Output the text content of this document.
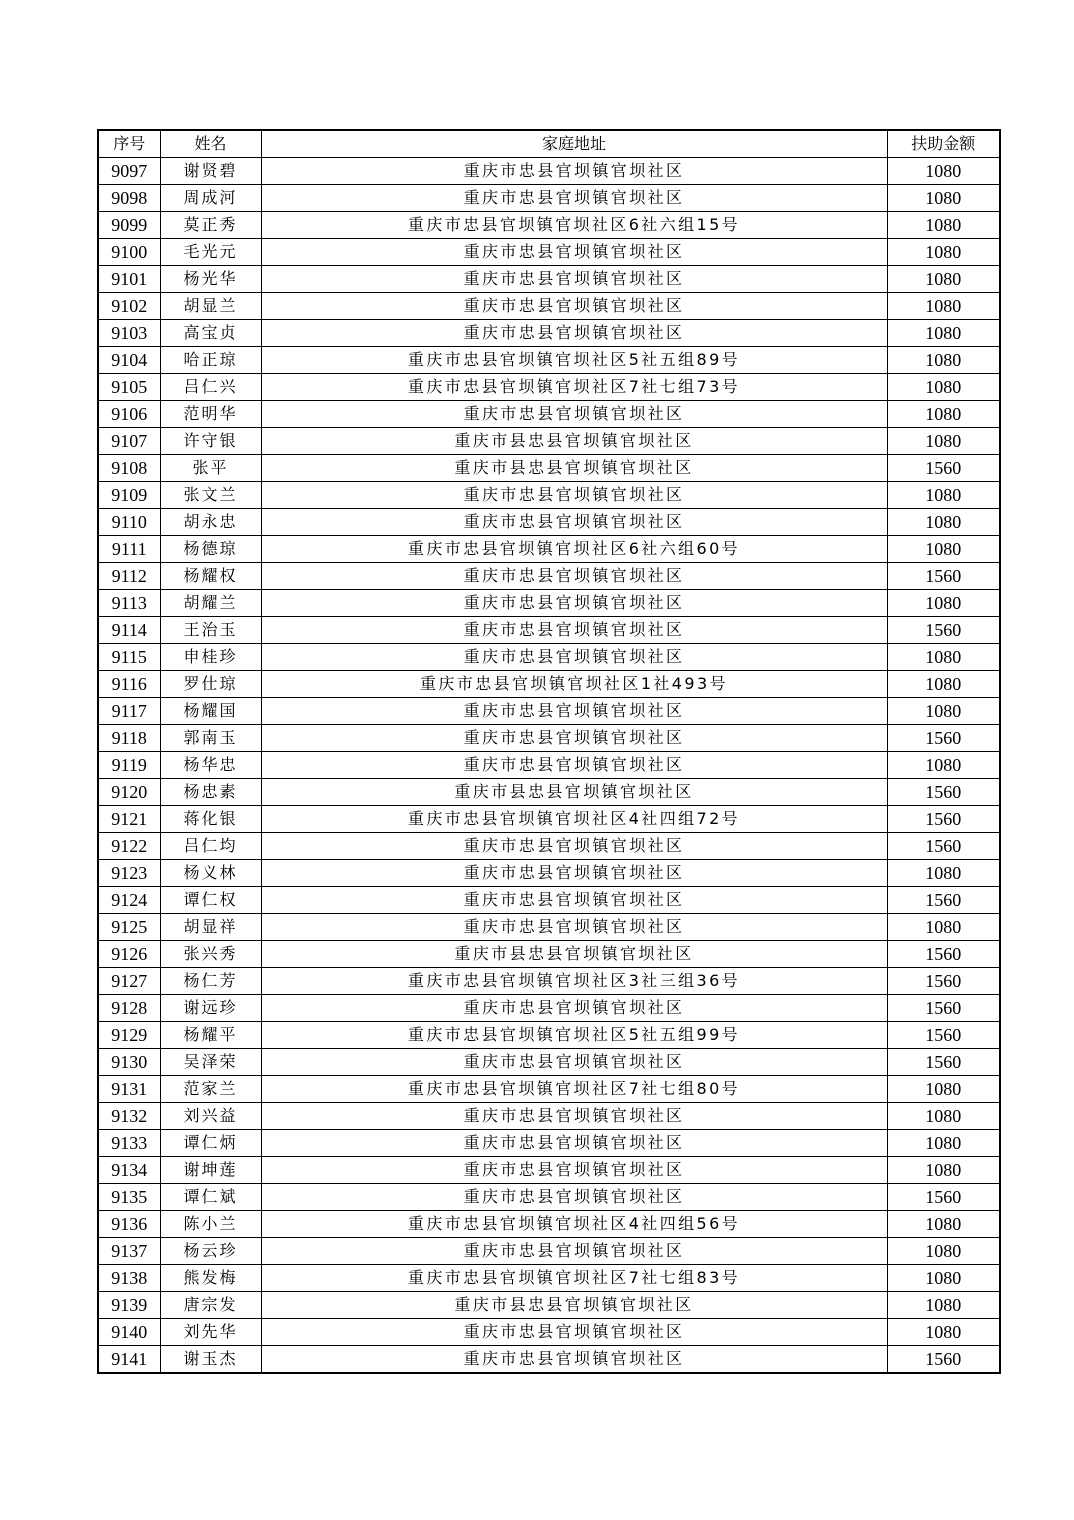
序号	姓名	家庭地址	扶助金额
9097	谢贤碧	重庆市忠县官坝镇官坝社区	1080
9098	周成河	重庆市忠县官坝镇官坝社区	1080
9099	莫正秀	重庆市忠县官坝镇官坝社区6社六组15号	1080
9100	毛光元	重庆市忠县官坝镇官坝社区	1080
9101	杨光华	重庆市忠县官坝镇官坝社区	1080
9102	胡显兰	重庆市忠县官坝镇官坝社区	1080
9103	高宝贞	重庆市忠县官坝镇官坝社区	1080
9104	哈正琼	重庆市忠县官坝镇官坝社区5社五组89号	1080
9105	吕仁兴	重庆市忠县官坝镇官坝社区7社七组73号	1080
9106	范明华	重庆市忠县官坝镇官坝社区	1080
9107	许守银	重庆市县忠县官坝镇官坝社区	1080
9108	张平	重庆市县忠县官坝镇官坝社区	1560
9109	张文兰	重庆市忠县官坝镇官坝社区	1080
9110	胡永忠	重庆市忠县官坝镇官坝社区	1080
9111	杨德琼	重庆市忠县官坝镇官坝社区6社六组60号	1080
9112	杨耀权	重庆市忠县官坝镇官坝社区	1560
9113	胡耀兰	重庆市忠县官坝镇官坝社区	1080
9114	王治玉	重庆市忠县官坝镇官坝社区	1560
9115	申桂珍	重庆市忠县官坝镇官坝社区	1080
9116	罗仕琼	重庆市忠县官坝镇官坝社区1社493号	1080
9117	杨耀国	重庆市忠县官坝镇官坝社区	1080
9118	郭南玉	重庆市忠县官坝镇官坝社区	1560
9119	杨华忠	重庆市忠县官坝镇官坝社区	1080
9120	杨忠素	重庆市县忠县官坝镇官坝社区	1560
9121	蒋化银	重庆市忠县官坝镇官坝社区4社四组72号	1560
9122	吕仁均	重庆市忠县官坝镇官坝社区	1560
9123	杨义林	重庆市忠县官坝镇官坝社区	1080
9124	谭仁权	重庆市忠县官坝镇官坝社区	1560
9125	胡显祥	重庆市忠县官坝镇官坝社区	1080
9126	张兴秀	重庆市县忠县官坝镇官坝社区	1560
9127	杨仁芳	重庆市忠县官坝镇官坝社区3社三组36号	1560
9128	谢远珍	重庆市忠县官坝镇官坝社区	1560
9129	杨耀平	重庆市忠县官坝镇官坝社区5社五组99号	1560
9130	吴泽荣	重庆市忠县官坝镇官坝社区	1560
9131	范家兰	重庆市忠县官坝镇官坝社区7社七组80号	1080
9132	刘兴益	重庆市忠县官坝镇官坝社区	1080
9133	谭仁炳	重庆市忠县官坝镇官坝社区	1080
9134	谢坤莲	重庆市忠县官坝镇官坝社区	1080
9135	谭仁斌	重庆市忠县官坝镇官坝社区	1560
9136	陈小兰	重庆市忠县官坝镇官坝社区4社四组56号	1080
9137	杨云珍	重庆市忠县官坝镇官坝社区	1080
9138	熊发梅	重庆市忠县官坝镇官坝社区7社七组83号	1080
9139	唐宗发	重庆市县忠县官坝镇官坝社区	1080
9140	刘先华	重庆市忠县官坝镇官坝社区	1080
9141	谢玉杰	重庆市忠县官坝镇官坝社区	1560
